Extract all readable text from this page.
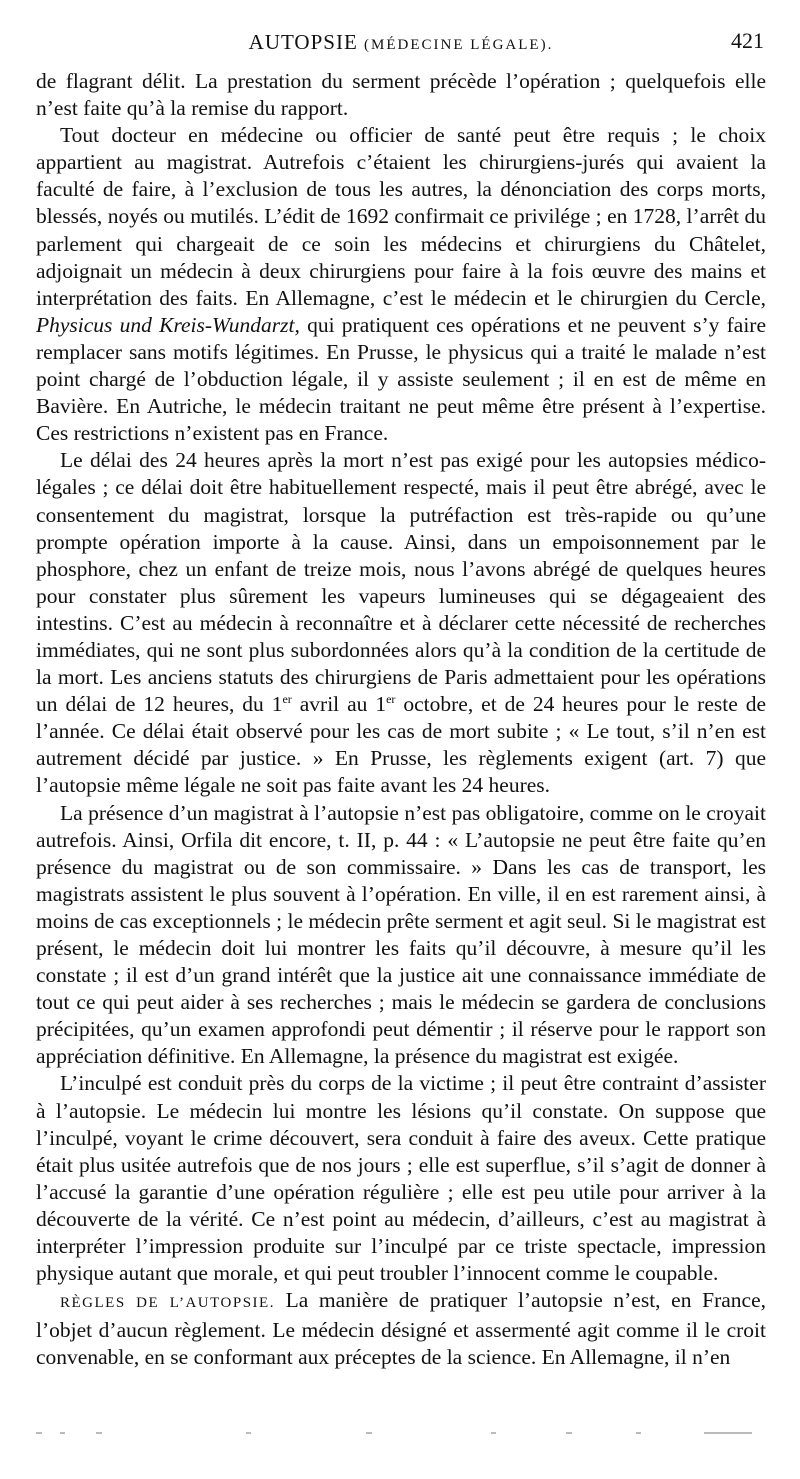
AUTOPSIE (MÉDECINE LÉGALE).	421

de flagrant délit. La prestation du serment précède l’opération ; quelquefois elle n’est faite qu’à la remise du rapport.

Tout docteur en médecine ou officier de santé peut être requis ; le choix appartient au magistrat. Autrefois c’étaient les chirurgiens-jurés qui avaient la faculté de faire, à l’exclusion de tous les autres, la dénonciation des corps morts, blessés, noyés ou mutilés. L’édit de 1692 confirmait ce privilége ; en 1728, l’arrêt du parlement qui chargeait de ce soin les médecins et chirurgiens du Châtelet, adjoignait un médecin à deux chirurgiens pour faire à la fois œuvre des mains et interprétation des faits. En Allemagne, c’est le médecin et le chirurgien du Cercle, Physicus und Kreis-Wundarzt, qui pratiquent ces opérations et ne peuvent s’y faire remplacer sans motifs légitimes. En Prusse, le physicus qui a traité le malade n’est point chargé de l’obduction légale, il y assiste seulement ; il en est de même en Bavière. En Autriche, le médecin traitant ne peut même être présent à l’expertise. Ces restrictions n’existent pas en France.

Le délai des 24 heures après la mort n’est pas exigé pour les autopsies médico-légales ; ce délai doit être habituellement respecté, mais il peut être abrégé, avec le consentement du magistrat, lorsque la putréfaction est très-rapide ou qu’une prompte opération importe à la cause. Ainsi, dans un empoisonnement par le phosphore, chez un enfant de treize mois, nous l’avons abrégé de quelques heures pour constater plus sûrement les vapeurs lumineuses qui se dégageaient des intestins. C’est au médecin à reconnaître et à déclarer cette nécessité de recherches immédiates, qui ne sont plus subordonnées alors qu’à la condition de la certitude de la mort. Les anciens statuts des chirurgiens de Paris admettaient pour les opérations un délai de 12 heures, du 1er avril au 1er octobre, et de 24 heures pour le reste de l’année. Ce délai était observé pour les cas de mort subite ; « Le tout, s’il n’en est autrement décidé par justice. » En Prusse, les règlements exigent (art. 7) que l’autopsie même légale ne soit pas faite avant les 24 heures.

La présence d’un magistrat à l’autopsie n’est pas obligatoire, comme on le croyait autrefois. Ainsi, Orfila dit encore, t. II, p. 44 : « L’autopsie ne peut être faite qu’en présence du magistrat ou de son commissaire. » Dans les cas de transport, les magistrats assistent le plus souvent à l’opération. En ville, il en est rarement ainsi, à moins de cas exceptionnels ; le médecin prête serment et agit seul. Si le magistrat est présent, le médecin doit lui montrer les faits qu’il découvre, à mesure qu’il les constate ; il est d’un grand intérêt que la justice ait une connaissance immédiate de tout ce qui peut aider à ses recherches ; mais le médecin se gardera de conclusions précipitées, qu’un examen approfondi peut démentir ; il réserve pour le rapport son appréciation définitive. En Allemagne, la présence du magistrat est exigée.

L’inculpé est conduit près du corps de la victime ; il peut être contraint d’assister à l’autopsie. Le médecin lui montre les lésions qu’il constate. On suppose que l’inculpé, voyant le crime découvert, sera conduit à faire des aveux. Cette pratique était plus usitée autrefois que de nos jours ; elle est superflue, s’il s’agit de donner à l’accusé la garantie d’une opération régulière ; elle est peu utile pour arriver à la découverte de la vérité. Ce n’est point au médecin, d’ailleurs, c’est au magistrat à interpréter l’impression produite sur l’inculpé par ce triste spectacle, impression physique autant que morale, et qui peut troubler l’innocent comme le coupable.

RÈGLES DE L’AUTOPSIE. La manière de pratiquer l’autopsie n’est, en France, l’objet d’aucun règlement. Le médecin désigné et assermenté agit comme il le croit convenable, en se conformant aux préceptes de la science. En Allemagne, il n’en
